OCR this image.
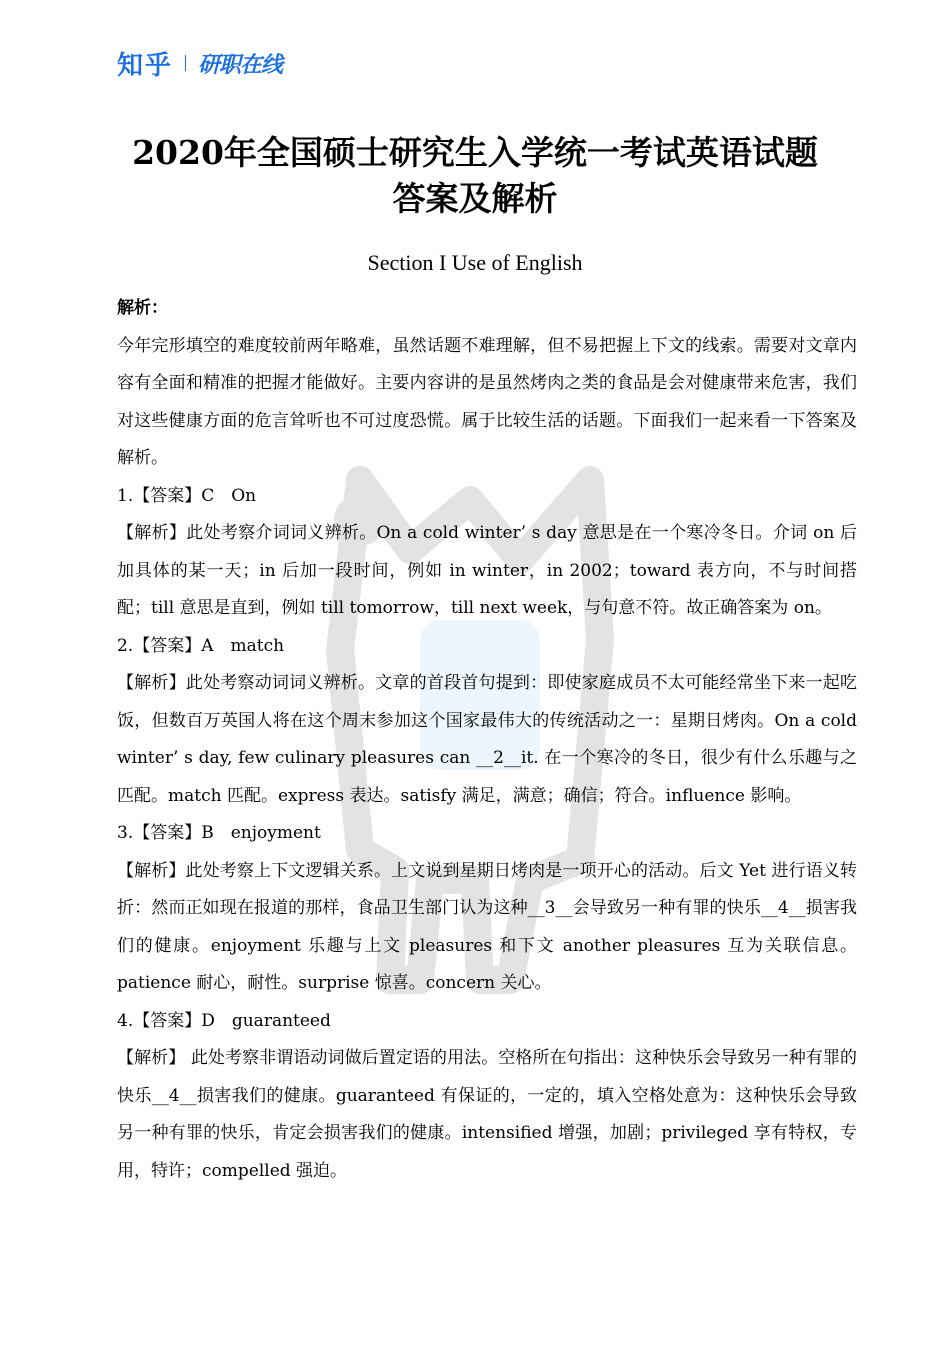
知乎 研职在线
2020年全国硕士研究生入学统一考试英语试题
答案及解析
Section I Use of English

解析：

今年完形填空的难度较前两年略难，虽然话题不难理解，但不易把握上下文的线索。需要对文章内容有全面和精准的把握才能做好。主要内容讲的是虽然烤肉之类的食品是会对健康带来危害，我们对这些健康方面的危言耸听也不可过度恐慌。属于比较生活的话题。下面我们一起来看一下答案及解析。

1.【答案】C　On

【解析】此处考察介词词义辨析。On a cold winter’ s day 意思是在一个寒冷冬日。介词 on 后加具体的某一天；in 后加一段时间，例如 in winter，in 2002；toward 表方向，不与时间搭配；till 意思是直到，例如 till tomorrow，till next week，与句意不符。故正确答案为 on。

2.【答案】A　match

【解析】此处考察动词词义辨析。文章的首段首句提到：即使家庭成员不太可能经常坐下来一起吃饭，但数百万英国人将在这个周末参加这个国家最伟大的传统活动之一：星期日烤肉。On a cold winter’ s day, few culinary pleasures can __2__it. 在一个寒冷的冬日，很少有什么乐趣与之匹配。match 匹配。express 表达。satisfy 满足，满意；确信；符合。influence 影响。

3.【答案】B　enjoyment

【解析】此处考察上下文逻辑关系。上文说到星期日烤肉是一项开心的活动。后文 Yet 进行语义转折：然而正如现在报道的那样，食品卫生部门认为这种__3__会导致另一种有罪的快乐__4__损害我们的健康。enjoyment 乐趣与上文 pleasures 和下文 another pleasures 互为关联信息。patience 耐心，耐性。surprise 惊喜。concern 关心。

4.【答案】D　guaranteed

【解析】 此处考察非谓语动词做后置定语的用法。空格所在句指出：这种快乐会导致另一种有罪的快乐__4__损害我们的健康。guaranteed 有保证的，一定的，填入空格处意为：这种快乐会导致另一种有罪的快乐，肯定会损害我们的健康。intensified 增强，加剧；privileged 享有特权，专用，特许；compelled 强迫。
